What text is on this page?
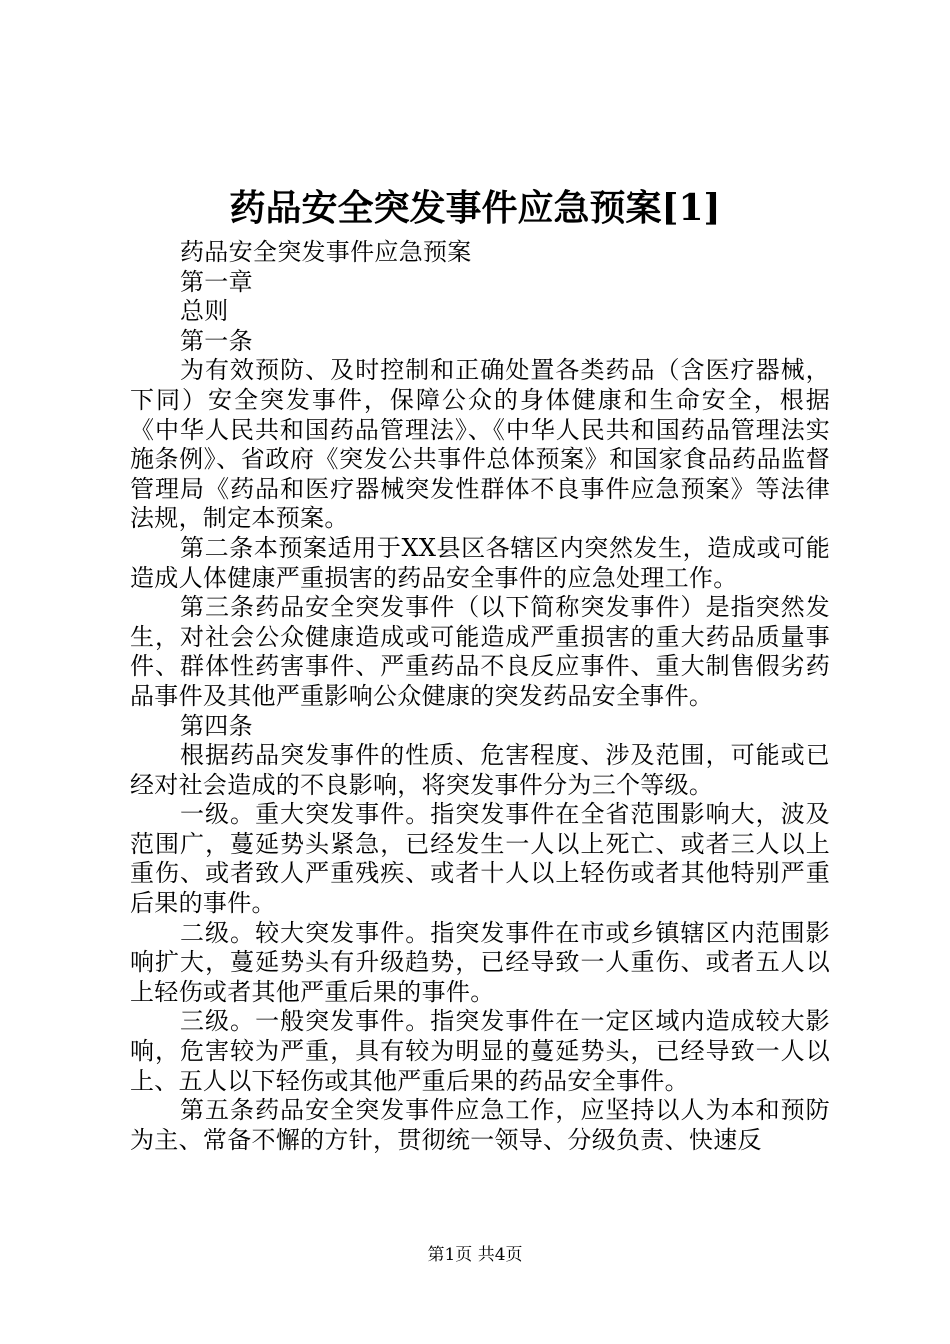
药品安全突发事件应急预案[1]

药品安全突发事件应急预案

第一章

总则

第一条

为有效预防、及时控制和正确处置各类药品（含医疗器械，下同）安全突发事件，保障公众的身体健康和生命安全，根据《中华人民共和国药品管理法》、《中华人民共和国药品管理法实施条例》、省政府《突发公共事件总体预案》和国家食品药品监督管理局《药品和医疗器械突发性群体不良事件应急预案》等法律法规，制定本预案。

第二条本预案适用于XX县区各辖区内突然发生，造成或可能造成人体健康严重损害的药品安全事件的应急处理工作。

第三条药品安全突发事件（以下简称突发事件）是指突然发生，对社会公众健康造成或可能造成严重损害的重大药品质量事件、群体性药害事件、严重药品不良反应事件、重大制售假劣药品事件及其他严重影响公众健康的突发药品安全事件。

第四条

根据药品突发事件的性质、危害程度、涉及范围，可能或已经对社会造成的不良影响，将突发事件分为三个等级。

一级。重大突发事件。指突发事件在全省范围影响大，波及范围广，蔓延势头紧急，已经发生一人以上死亡、或者三人以上重伤、或者致人严重残疾、或者十人以上轻伤或者其他特别严重后果的事件。

二级。较大突发事件。指突发事件在市或乡镇辖区内范围影响扩大，蔓延势头有升级趋势，已经导致一人重伤、或者五人以上轻伤或者其他严重后果的事件。

三级。一般突发事件。指突发事件在一定区域内造成较大影响，危害较为严重，具有较为明显的蔓延势头，已经导致一人以上、五人以下轻伤或其他严重后果的药品安全事件。

第五条药品安全突发事件应急工作，应坚持以人为本和预防为主、常备不懈的方针，贯彻统一领导、分级负责、快速反

第1页 共4页
